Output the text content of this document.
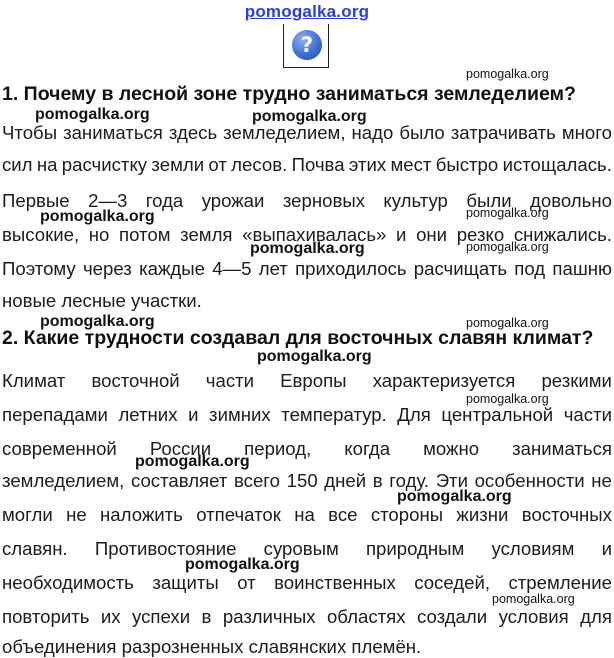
pomogalka.org
?
1. Почему в лесной зоне трудно заниматься земледелием?
Чтобы заниматься здесь земледелием, надо было затрачивать много
сил на расчистку земли от лесов. Почва этих мест быстро истощалась.
Первые 2—3 года урожаи зерновых культур были довольно
высокие, но потом земля «выпахивалась» и они резко снижались.
Поэтому через каждые 4—5 лет приходилось расчищать под пашню
новые лесные участки.
2. Какие трудности создавал для восточных славян климат?
Климат восточной части Европы характеризуется резкими
перепадами летних и зимних температур. Для центральной части
современной России период, когда можно заниматься
земледелием, составляет всего 150 дней в году. Эти особенности не
могли не наложить отпечаток на все стороны жизни восточных
славян. Противостояние суровым природным условиям и
необходимость защиты от воинственных соседей, стремление
повторить их успехи в различных областях создали условия для
объединения разрозненных славянских племён.
pomogalka.org
pomogalka.org	pomogalka.org
pomogalka.org	pomogalka.org
pomogalka.org	pomogalka.org
pomogalka.org	pomogalka.org
pomogalka.org
pomogalka.org
pomogalka.org
pomogalka.org
pomogalka.org
pomogalka.org
